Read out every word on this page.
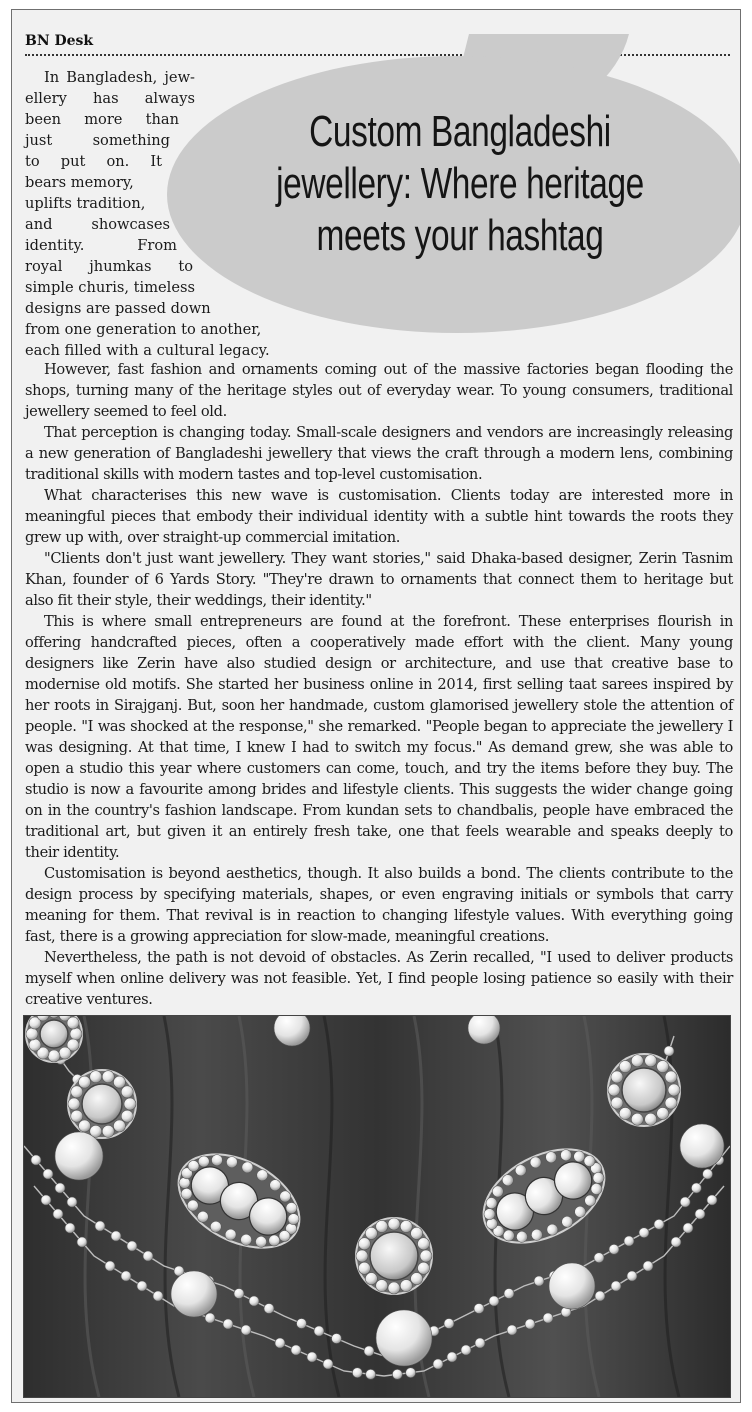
BN Desk
Custom Bangladeshi jewellery: Where heritage meets your hashtag
In Bangladesh, jew-
ellery has always
been more than
just something
to put on. It
bears memory,
uplifts tradition,
and showcases
identity. From
royal jhumkas to
simple churis, timeless
designs are passed down
from one generation to another,
each filled with a cultural legacy.

However, fast fashion and ornaments coming out of the massive factories began flooding the shops, turning many of the heritage styles out of everyday wear. To young consumers, traditional jewellery seemed to feel old.

That perception is changing today. Small-scale designers and vendors are increasingly releasing a new generation of Bangladeshi jewellery that views the craft through a modern lens, combining traditional skills with modern tastes and top-level customisation.

What characterises this new wave is customisation. Clients today are interested more in meaningful pieces that embody their individual identity with a subtle hint towards the roots they grew up with, over straight-up commercial imitation.

"Clients don't just want jewellery. They want stories," said Dhaka-based designer, Zerin Tasnim Khan, founder of 6 Yards Story. "They're drawn to ornaments that connect them to heritage but also fit their style, their weddings, their identity."

This is where small entrepreneurs are found at the forefront. These enterprises flourish in offering handcrafted pieces, often a cooperatively made effort with the client. Many young designers like Zerin have also studied design or architecture, and use that creative base to modernise old motifs. She started her business online in 2014, first selling taat sarees inspired by her roots in Sirajganj. But, soon her handmade, custom glamorised jewellery stole the attention of people. "I was shocked at the response," she remarked. "People began to appreciate the jewellery I was designing. At that time, I knew I had to switch my focus." As demand grew, she was able to open a studio this year where customers can come, touch, and try the items before they buy. The studio is now a favourite among brides and lifestyle clients. This suggests the wider change going on in the country's fashion landscape. From kundan sets to chandbalis, people have embraced the traditional art, but given it an entirely fresh take, one that feels wearable and speaks deeply to their identity.

Customisation is beyond aesthetics, though. It also builds a bond. The clients contribute to the design process by specifying materials, shapes, or even engraving initials or symbols that carry meaning for them. That revival is in reaction to changing lifestyle values. With everything going fast, there is a growing appreciation for slow-made, meaningful creations.

Nevertheless, the path is not devoid of obstacles. As Zerin recalled, "I used to deliver products myself when online delivery was not feasible. Yet, I find people losing patience so easily with their creative ventures.
